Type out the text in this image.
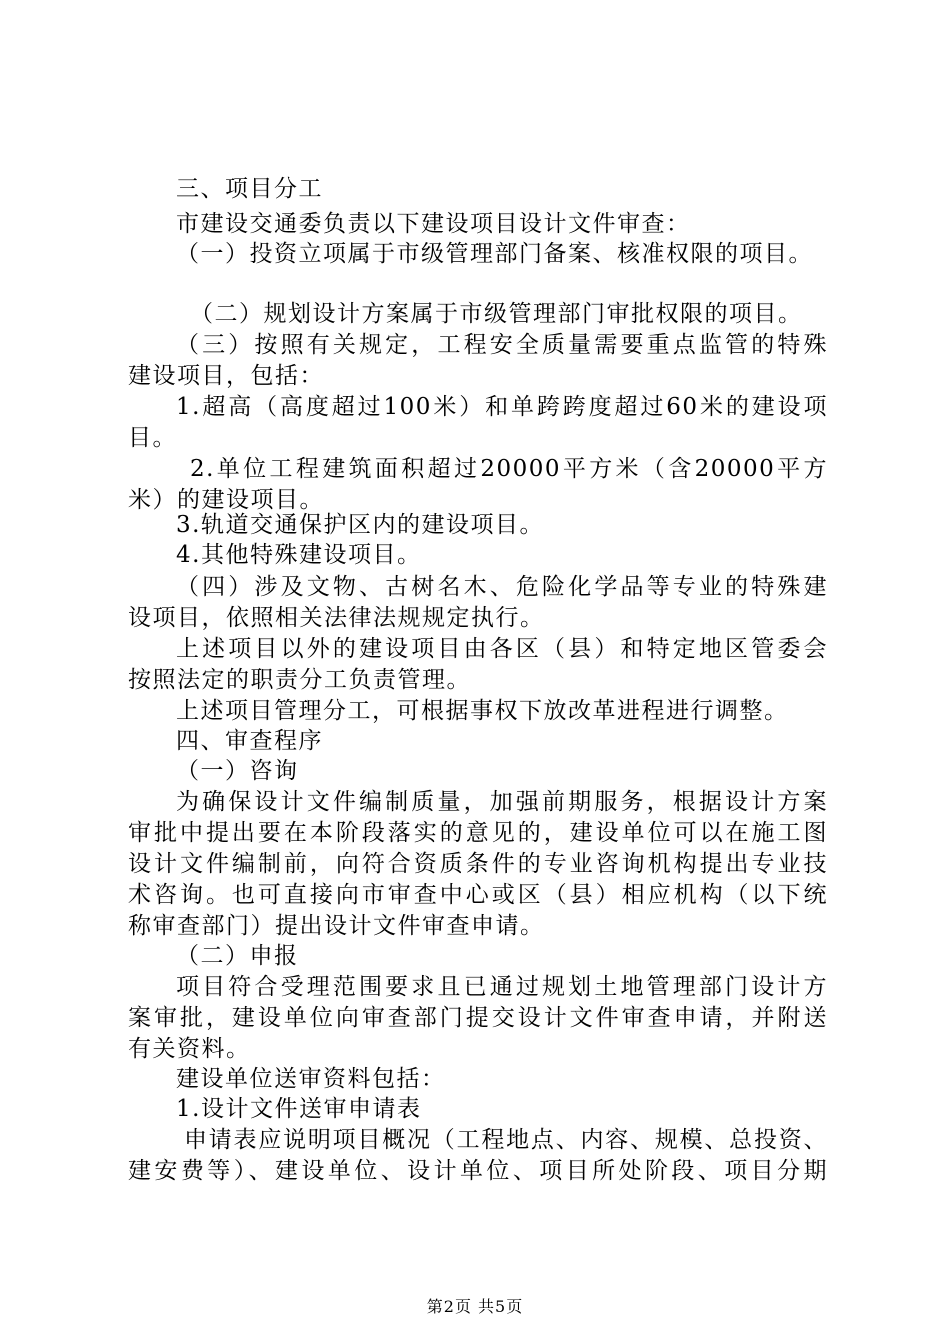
三、项目分工
市建设交通委负责以下建设项目设计文件审查：
（一）投资立项属于市级管理部门备案、核准权限的项目。
（二）规划设计方案属于市级管理部门审批权限的项目。
（三）按照有关规定，工程安全质量需要重点监管的特殊
建设项目，包括：
1.超高（高度超过100米）和单跨跨度超过60米的建设项
目。
2.单位工程建筑面积超过20000平方米（含20000平方
米）的建设项目。
3.轨道交通保护区内的建设项目。
4.其他特殊建设项目。
（四）涉及文物、古树名木、危险化学品等专业的特殊建
设项目，依照相关法律法规规定执行。
上述项目以外的建设项目由各区（县）和特定地区管委会
按照法定的职责分工负责管理。
上述项目管理分工，可根据事权下放改革进程进行调整。
四、审查程序
（一）咨询
为确保设计文件编制质量，加强前期服务，根据设计方案
审批中提出要在本阶段落实的意见的，建设单位可以在施工图
设计文件编制前，向符合资质条件的专业咨询机构提出专业技
术咨询。也可直接向市审查中心或区（县）相应机构（以下统
称审查部门）提出设计文件审查申请。
（二）申报
项目符合受理范围要求且已通过规划土地管理部门设计方
案审批，建设单位向审查部门提交设计文件审查申请，并附送
有关资料。
建设单位送审资料包括：
1.设计文件送审申请表
申请表应说明项目概况（工程地点、内容、规模、总投资、
建安费等）、建设单位、设计单位、项目所处阶段、项目分期
第2页 共5页
